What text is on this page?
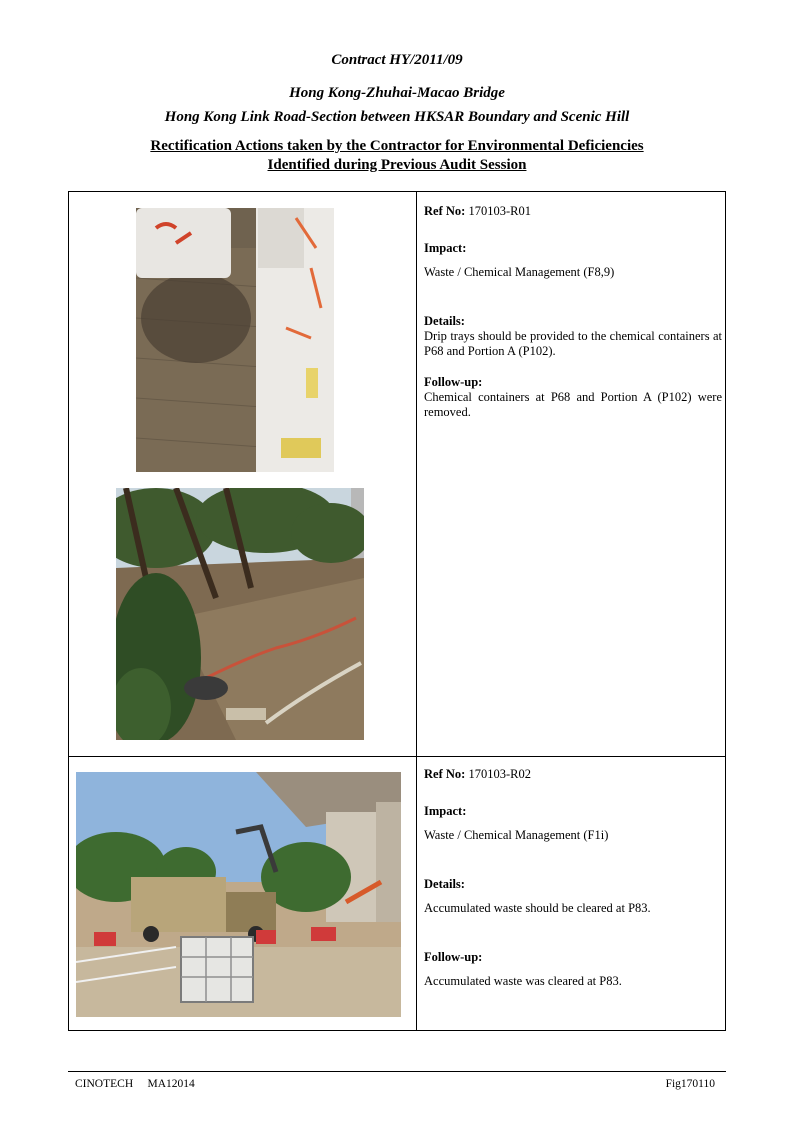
Contract HY/2011/09
Hong Kong-Zhuhai-Macao Bridge
Hong Kong Link Road-Section between HKSAR Boundary and Scenic Hill
Rectification Actions taken by the Contractor for Environmental Deficiencies
Identified during Previous Audit Session

Ref No: 170103-R01

Impact:

Waste / Chemical Management (F8,9)

Details:

Drip trays should be provided to the chemical containers at P68 and Portion A (P102).

Follow-up:

Chemical containers at P68 and Portion A (P102) were removed.

Ref No: 170103-R02

Impact:

Waste / Chemical Management (F1i)

Details:

Accumulated waste should be cleared at P83.

Follow-up:

Accumulated waste was cleared at P83.

CINOTECH     MA12014	Fig170110
